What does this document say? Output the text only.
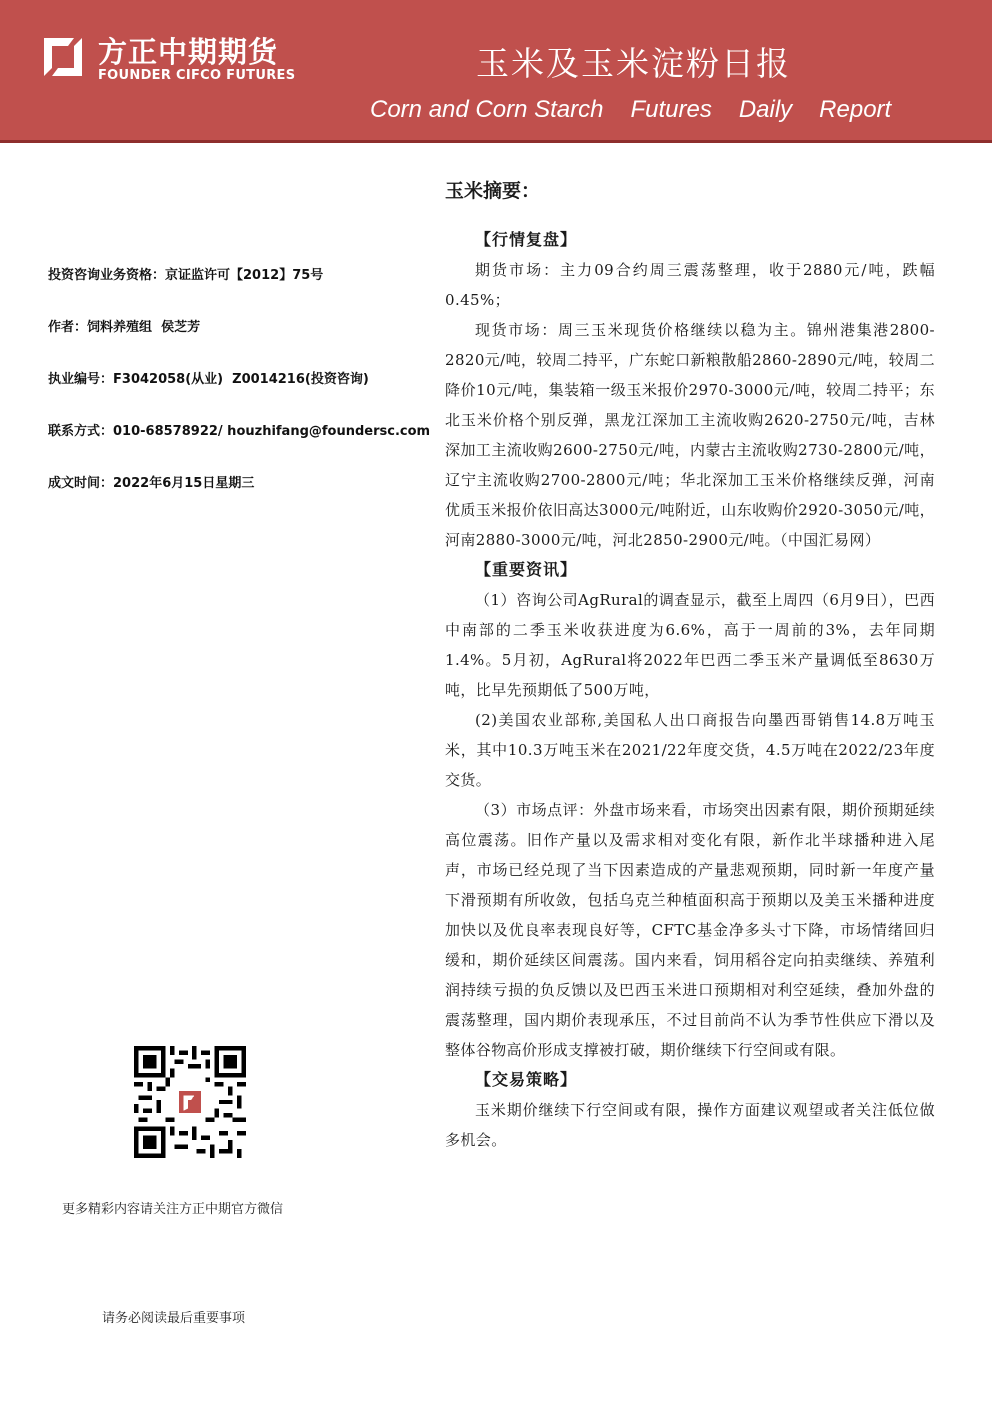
方正中期期货
FOUNDER CIFCO FUTURES	玉米及玉米淀粉日报
Corn and Corn Starch Futures Daily Report
投资咨询业务资格：京证监许可【2012】75号
作者：饲料养殖组  侯芝芳
执业编号：F3042058(从业)  Z0014216(投资咨询)
联系方式：010-68578922/ houzhifang@foundersc.com
成文时间：2022年6月15日星期三
更多精彩内容请关注方正中期官方微信
请务必阅读最后重要事项
玉米摘要：

【行情复盘】

期货市场：主力09合约周三震荡整理，收于2880元/吨，跌幅0.45%；

现货市场：周三玉米现货价格继续以稳为主。锦州港集港2800-2820元/吨，较周二持平，广东蛇口新粮散船2860-2890元/吨，较周二降价10元/吨，集装箱一级玉米报价2970-3000元/吨，较周二持平；东北玉米价格个别反弹，黑龙江深加工主流收购2620-2750元/吨，吉林深加工主流收购2600-2750元/吨，内蒙古主流收购2730-2800元/吨，辽宁主流收购2700-2800元/吨；华北深加工玉米价格继续反弹，河南优质玉米报价依旧高达3000元/吨附近，山东收购价2920-3050元/吨，河南2880-3000元/吨，河北2850-2900元/吨。（中国汇易网）

【重要资讯】

（1）咨询公司AgRural的调查显示，截至上周四（6月9日），巴西中南部的二季玉米收获进度为6.6%，高于一周前的3%，去年同期1.4%。5月初，AgRural将2022年巴西二季玉米产量调低至8630万吨，比早先预期低了500万吨，

(2)美国农业部称,美国私人出口商报告向墨西哥销售14.8万吨玉米，其中10.3万吨玉米在2021/22年度交货，4.5万吨在2022/23年度交货。

（3）市场点评：外盘市场来看，市场突出因素有限，期价预期延续高位震荡。旧作产量以及需求相对变化有限，新作北半球播种进入尾声，市场已经兑现了当下因素造成的产量悲观预期，同时新一年度产量下滑预期有所收敛，包括乌克兰种植面积高于预期以及美玉米播种进度加快以及优良率表现良好等，CFTC基金净多头寸下降，市场情绪回归缓和，期价延续区间震荡。国内来看，饲用稻谷定向拍卖继续、养殖利润持续亏损的负反馈以及巴西玉米进口预期相对利空延续，叠加外盘的震荡整理，国内期价表现承压，不过目前尚不认为季节性供应下滑以及整体谷物高价形成支撑被打破，期价继续下行空间或有限。

【交易策略】

玉米期价继续下行空间或有限，操作方面建议观望或者关注低位做多机会。
